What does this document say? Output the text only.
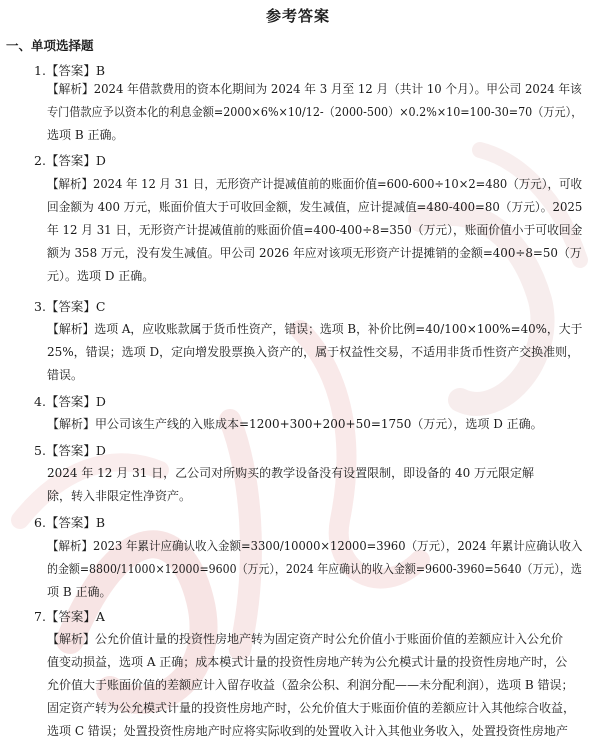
参考答案
一、单项选择题
1.【答案】B
【解析】2024 年借款费用的资本化期间为 2024 年 3 月至 12 月（共计 10 个月）。甲公司 2024 年该
专门借款应予以资本化的利息金额=2000×6%×10/12-（2000-500）×0.2%×10=100-30=70（万元），
选项 B 正确。
2.【答案】D
【解析】2024 年 12 月 31 日，无形资产计提减值前的账面价值=600-600÷10×2=480（万元），可收
回金额为 400 万元，账面价值大于可收回金额，发生减值，应计提减值=480-400=80（万元）。2025
年 12 月 31 日，无形资产计提减值前的账面价值=400-400÷8=350（万元），账面价值小于可收回金
额为 358 万元，没有发生减值。甲公司 2026 年应对该项无形资产计提摊销的金额=400÷8=50（万
元）。选项 D 正确。
3.【答案】C
【解析】选项 A，应收账款属于货币性资产，错误；选项 B，补价比例=40/100×100%=40%，大于
25%，错误；选项 D，定向增发股票换入资产的，属于权益性交易，不适用非货币性资产交换准则，
错误。
4.【答案】D
【解析】甲公司该生产线的入账成本=1200+300+200+50=1750（万元），选项 D 正确。
5.【答案】D
2024 年 12 月 31 日，乙公司对所购买的教学设备没有设置限制，即设备的 40 万元限定解
除，转入非限定性净资产。
6.【答案】B
【解析】2023 年累计应确认收入金额=3300/10000×12000=3960（万元），2024 年累计应确认收入
的金额=8800/11000×12000=9600（万元），2024 年应确认的收入金额=9600-3960=5640（万元），选
项 B 正确。
7.【答案】A
【解析】公允价值计量的投资性房地产转为固定资产时公允价值小于账面价值的差额应计入公允价
值变动损益，选项 A 正确；成本模式计量的投资性房地产转为公允模式计量的投资性房地产时，公
允价值大于账面价值的差额应计入留存收益（盈余公积、利润分配——未分配利润），选项 B 错误；
固定资产转为公允模式计量的投资性房地产时，公允价值大于账面价值的差额应计入其他综合收益，
选项 C 错误；处置投资性房地产时应将实际收到的处置收入计入其他业务收入，处置投资性房地产
